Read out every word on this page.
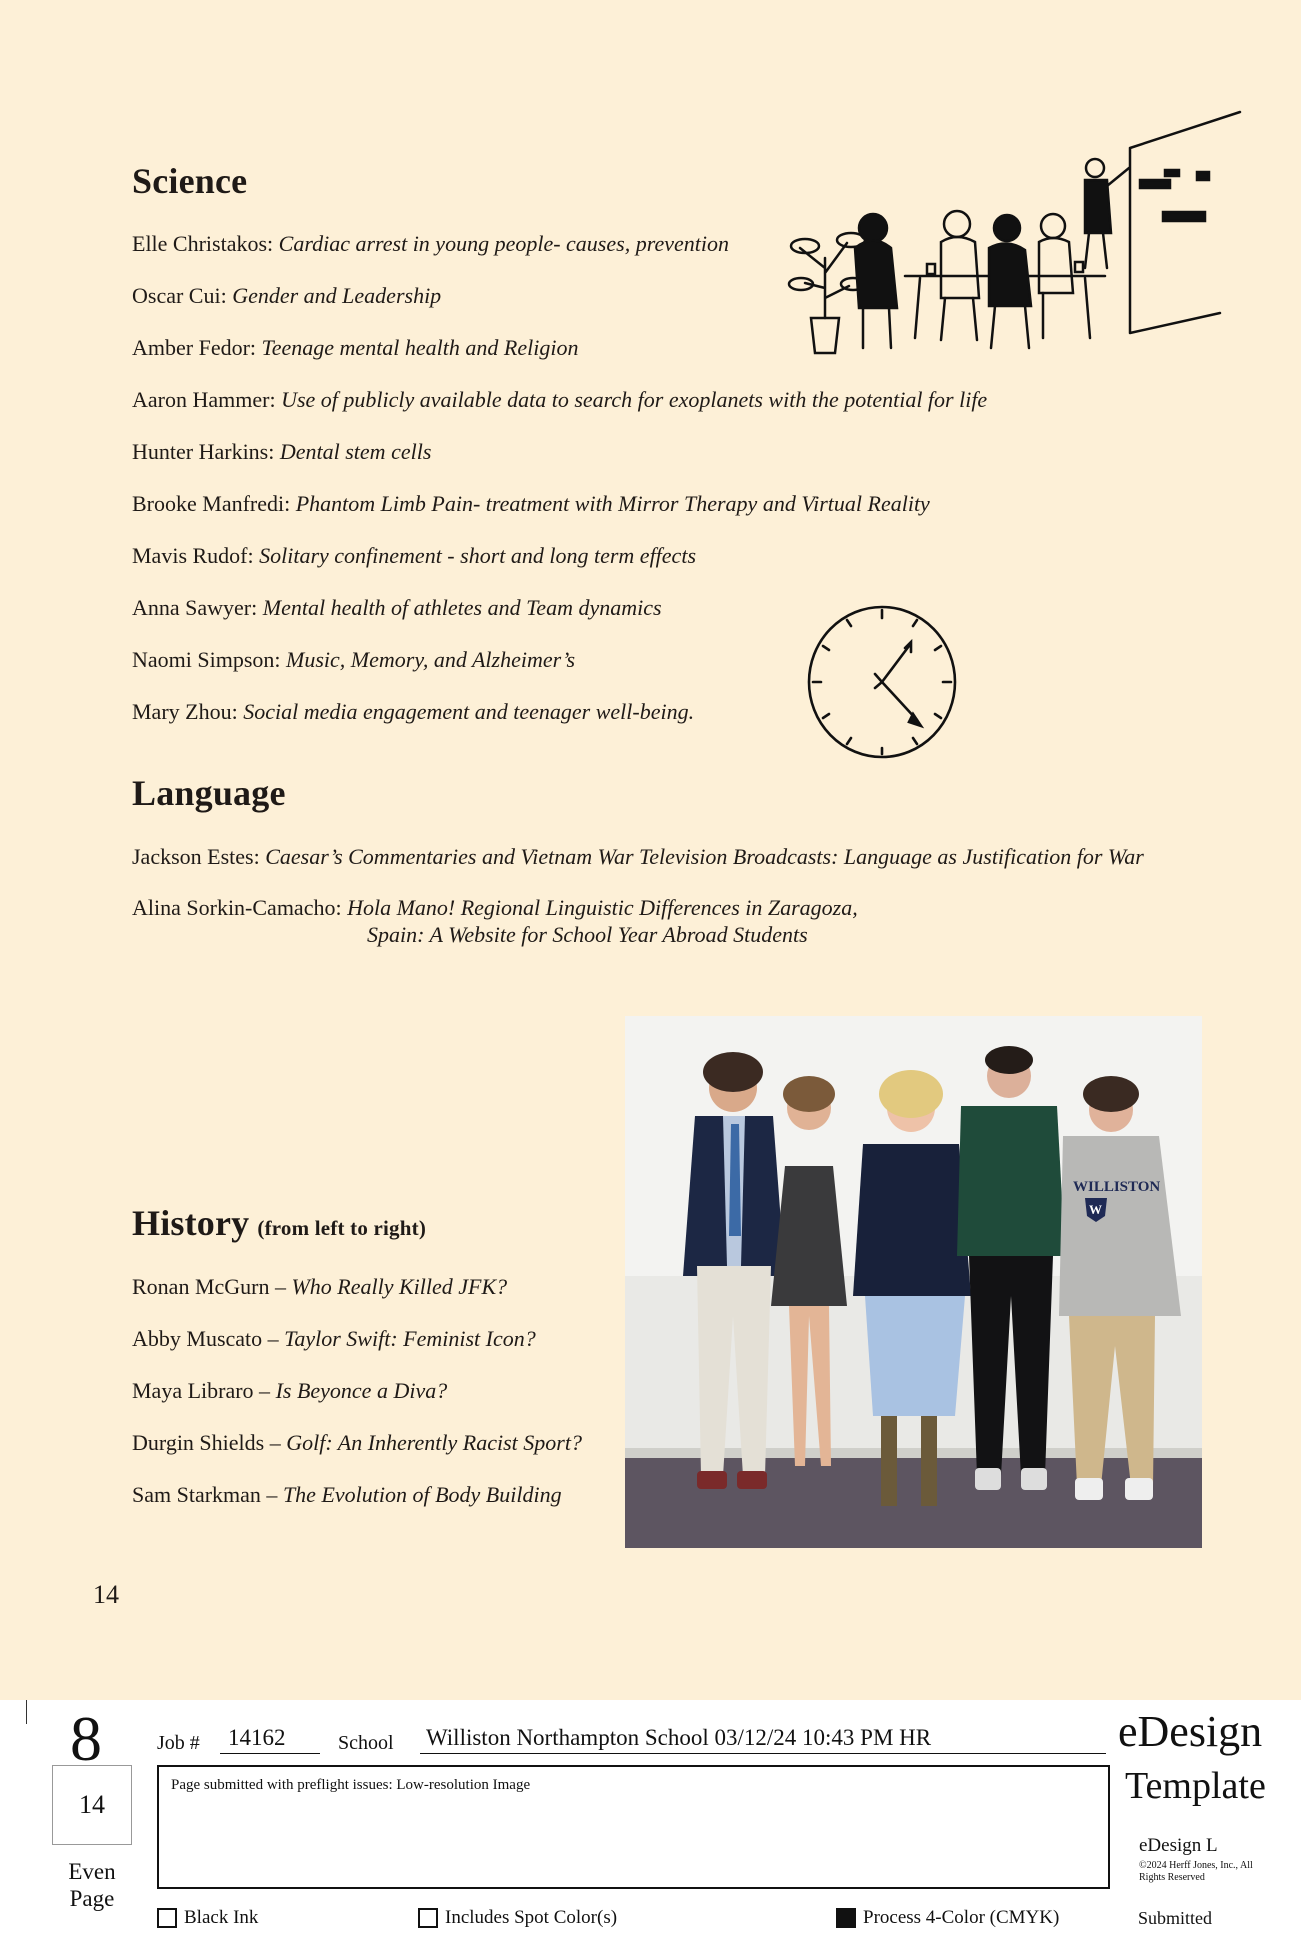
Science
Elle Christakos: Cardiac arrest in young people- causes, prevention
Oscar Cui: Gender and Leadership
Amber Fedor: Teenage mental health and Religion
Aaron Hammer: Use of publicly available data to search for exoplanets with the potential for life
Hunter Harkins: Dental stem cells
Brooke Manfredi: Phantom Limb Pain- treatment with Mirror Therapy and Virtual Reality
Mavis Rudof: Solitary confinement - short and long term effects
Anna Sawyer: Mental health of athletes and Team dynamics
Naomi Simpson: Music, Memory, and Alzheimer’s
Mary Zhou: Social media engagement and teenager well-being.
Language
Jackson Estes: Caesar’s Commentaries and Vietnam War Television Broadcasts: Language as Justification for War
Alina Sorkin-Camacho: Hola Mano! Regional Linguistic Differences in Zaragoza,
Spain: A Website for School Year Abroad Students
History (from left to right)
Ronan McGurn – Who Really Killed JFK?
Abby Muscato – Taylor Swift: Feminist Icon?
Maya Libraro – Is Beyonce a Diva?
Durgin Shields – Golf: An Inherently Racist Sport?
Sam Starkman – The Evolution of Body Building
WILLISTON
W
14
8
14
Even Page
Job # 14162	School Williston Northampton School 03/12/24 10:43 PM HR
Page submitted with preflight issues: Low-resolution Image
eDesign
Template
eDesign L
©2024 Herff Jones, Inc., All Rights Reserved
Submitted
Black Ink	Includes Spot Color(s)	Process 4-Color (CMYK)
